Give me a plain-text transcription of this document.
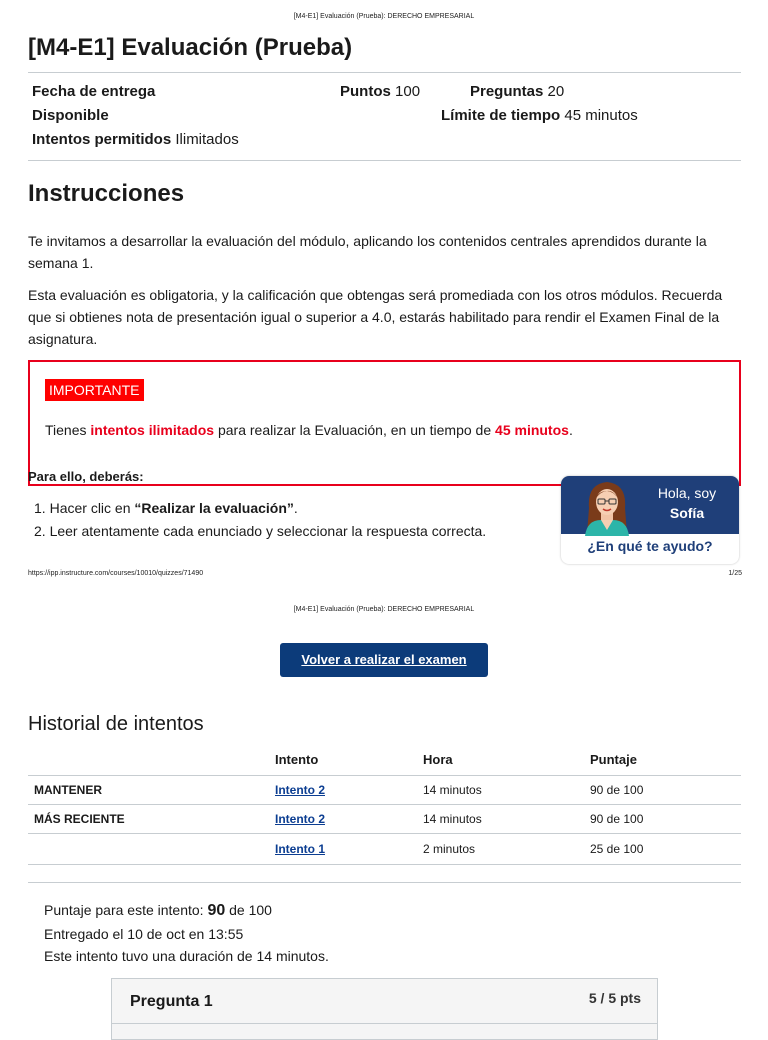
[M4-E1] Evaluación (Prueba): DERECHO EMPRESARIAL
[M4-E1] Evaluación (Prueba)
Fecha de entrega	Puntos 100	Preguntas 20
Disponible	Límite de tiempo 45 minutos
Intentos permitidos Ilimitados
Instrucciones

Te invitamos a desarrollar la evaluación del módulo, aplicando los contenidos centrales aprendidos durante la semana 1.

Esta evaluación es obligatoria, y la calificación que obtengas será promediada con los otros módulos. Recuerda que si obtienes nota de presentación igual o superior a 4.0, estarás habilitado para rendir el Examen Final de la asignatura.

IMPORTANTE
Tienes intentos ilimitados para realizar la Evaluación, en un tiempo de 45 minutos.
Para ello, deberás:
1. Hacer clic en “Realizar la evaluación”.
2. Leer atentamente cada enunciado y seleccionar la respuesta correcta.
Hola, soy
Sofía
¿En qué te ayudo?
https://ipp.instructure.com/courses/10010/quizzes/71490	1/25
[M4-E1] Evaluación (Prueba): DERECHO EMPRESARIAL
Volver a realizar el examen
Historial de intentos
	Intento	Hora	Puntaje
MANTENER	Intento 2	14 minutos	90 de 100
MÁS RECIENTE	Intento 2	14 minutos	90 de 100
	Intento 1	2 minutos	25 de 100
Puntaje para este intento: 90 de 100
Entregado el 10 de oct en 13:55
Este intento tuvo una duración de 14 minutos.
Pregunta 1	5 / 5 pts
